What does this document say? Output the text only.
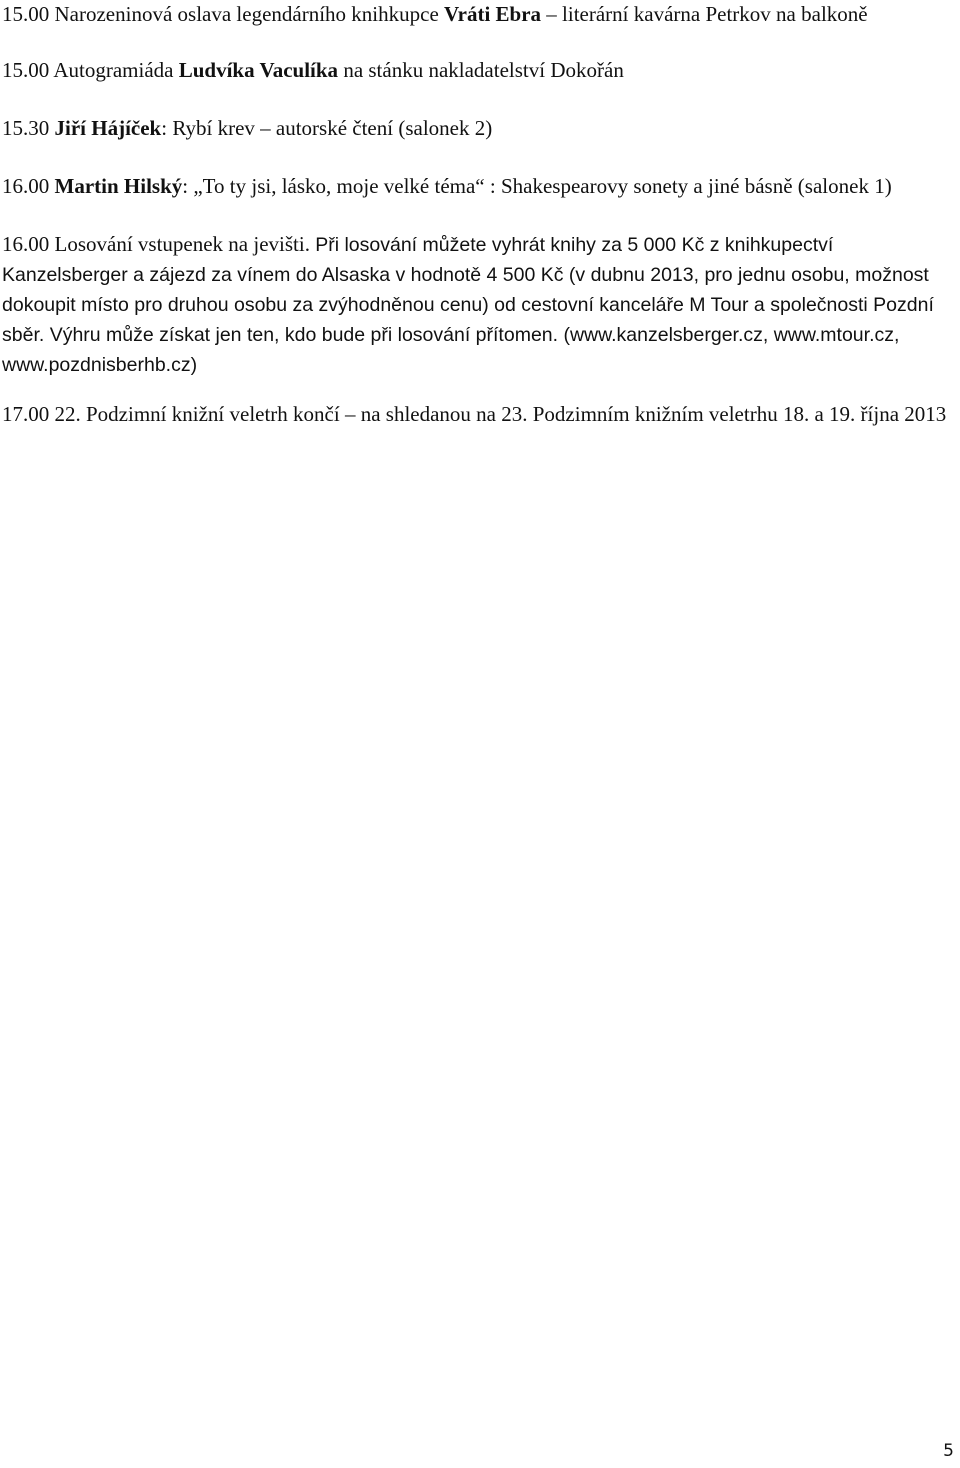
15.00 Narozeninová oslava legendárního knihkupce Vráti Ebra – literární kavárna Petrkov na balkoně

15.00 Autogramiáda Ludvíka Vaculíka na stánku nakladatelství Dokořán

15.30 Jiří Hájíček: Rybí krev – autorské čtení (salonek 2)

16.00 Martin Hilský: „To ty jsi, lásko, moje velké téma“ : Shakespearovy sonety a jiné básně (salonek 1)

16.00 Losování vstupenek na jevišti. Při losování můžete vyhrát knihy za 5 000 Kč z knihkupectví Kanzelsberger a zájezd za vínem do Alsaska v hodnotě 4 500 Kč (v dubnu 2013, pro jednu osobu, možnost dokoupit místo pro druhou osobu za zvýhodněnou cenu) od cestovní kanceláře M Tour a společnosti Pozdní sběr. Výhru může získat jen ten, kdo bude při losování přítomen. (www.kanzelsberger.cz, www.mtour.cz, www.pozdnisberhb.cz)

17.00 22. Podzimní knižní veletrh končí – na shledanou na 23. Podzimním knižním veletrhu 18. a 19. října 2013

5
